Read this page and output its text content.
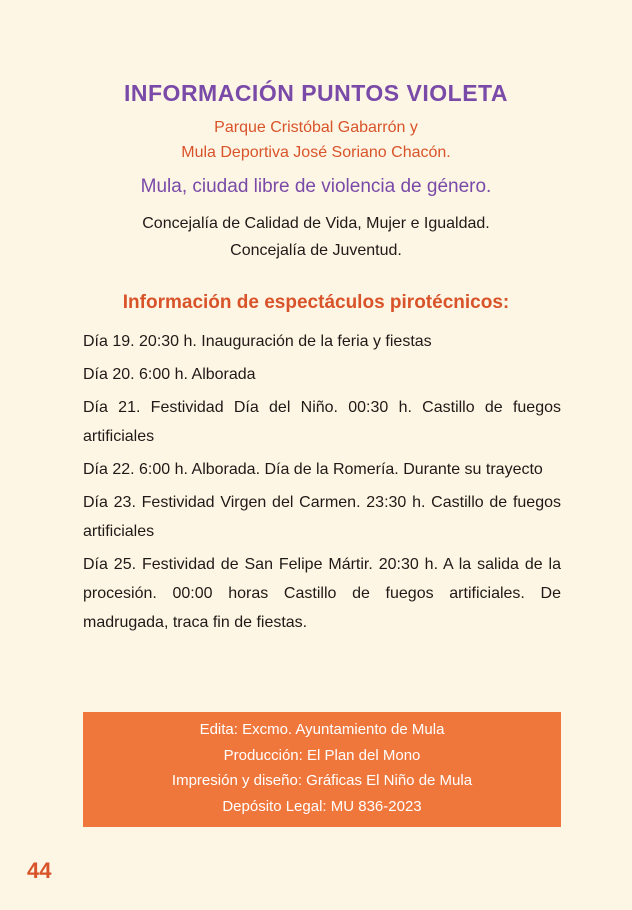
INFORMACIÓN PUNTOS VIOLETA

Parque Cristóbal Gabarrón y

Mula Deportiva José Soriano Chacón.

Mula, ciudad libre de violencia de género.

Concejalía de Calidad de Vida, Mujer e Igualdad.

Concejalía de Juventud.

Información de espectáculos pirotécnicos:
Día 19. 20:30 h. Inauguración de la feria y fiestas
Día 20. 6:00 h. Alborada
Día 21. Festividad Día del Niño. 00:30 h. Castillo de fuegos artificiales
Día 22. 6:00 h. Alborada. Día de la Romería. Durante su trayecto
Día 23. Festividad Virgen del Carmen. 23:30 h. Castillo de fuegos artificiales
Día 25. Festividad de San Felipe Mártir. 20:30 h. A la salida de la procesión. 00:00 horas Castillo de fuegos artificiales. De madrugada, traca fin de fiestas.
Edita: Excmo. Ayuntamiento de Mula
Producción: El Plan del Mono
Impresión y diseño: Gráficas El Niño de Mula
Depósito Legal: MU 836-2023
44
